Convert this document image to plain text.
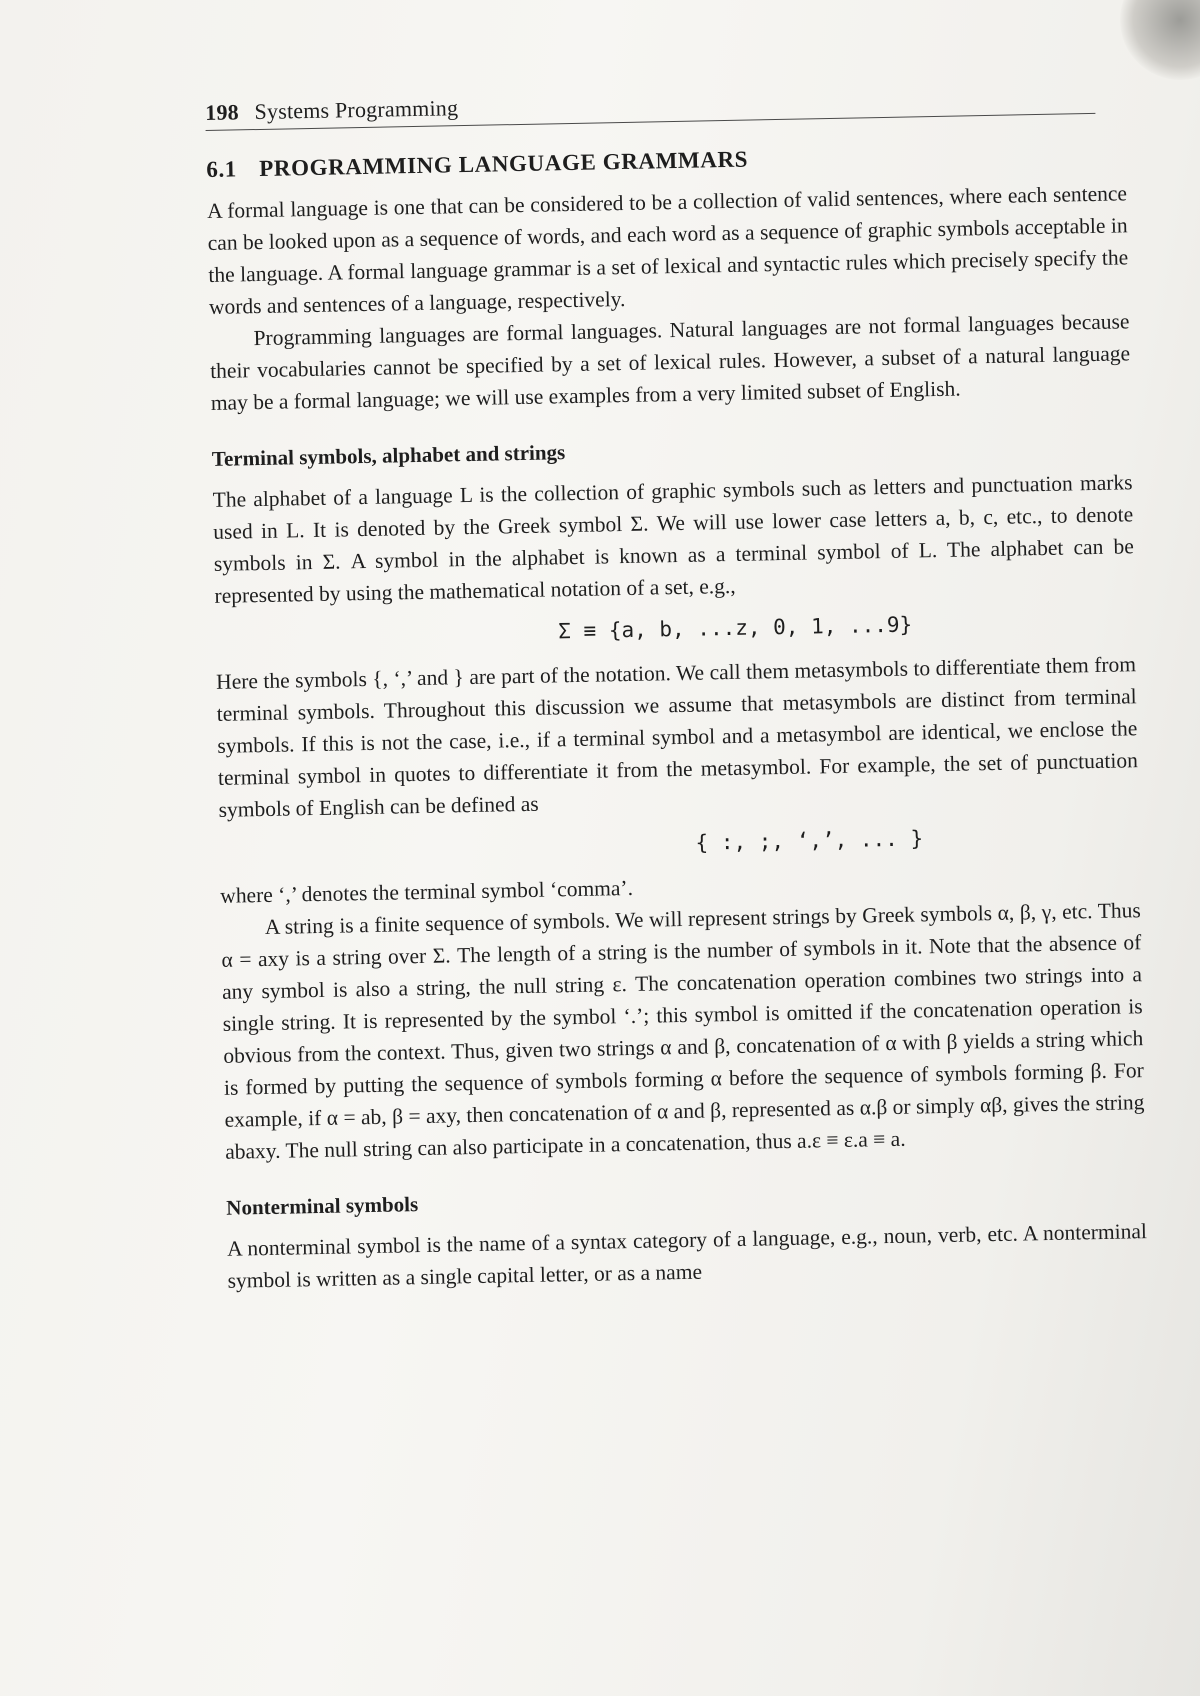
198 Systems Programming
6.1 PROGRAMMING LANGUAGE GRAMMARS

A formal language is one that can be considered to be a collection of valid sentences, where each sentence can be looked upon as a sequence of words, and each word as a sequence of graphic symbols acceptable in the language. A formal language grammar is a set of lexical and syntactic rules which precisely specify the words and sentences of a language, respectively.

Programming languages are formal languages. Natural languages are not formal languages because their vocabularies cannot be specified by a set of lexical rules. However, a subset of a natural language may be a formal language; we will use examples from a very limited subset of English.

Terminal symbols, alphabet and strings

The alphabet of a language L is the collection of graphic symbols such as letters and punctuation marks used in L. It is denoted by the Greek symbol Σ. We will use lower case letters a, b, c, etc., to denote symbols in Σ. A symbol in the alphabet is known as a terminal symbol of L. The alphabet can be represented by using the mathematical notation of a set, e.g.,

Σ ≡ {a, b, ...z, 0, 1, ...9}

Here the symbols {, ‘,’ and } are part of the notation. We call them metasymbols to differentiate them from terminal symbols. Throughout this discussion we assume that metasymbols are distinct from terminal symbols. If this is not the case, i.e., if a terminal symbol and a metasymbol are identical, we enclose the terminal symbol in quotes to differentiate it from the metasymbol. For example, the set of punctuation symbols of English can be defined as

{ :, ;, ‘,’, ... }

where ‘,’ denotes the terminal symbol ‘comma’.

A string is a finite sequence of symbols. We will represent strings by Greek symbols α, β, γ, etc. Thus α = axy is a string over Σ. The length of a string is the number of symbols in it. Note that the absence of any symbol is also a string, the null string ε. The concatenation operation combines two strings into a single string. It is represented by the symbol ‘.’; this symbol is omitted if the concatenation operation is obvious from the context. Thus, given two strings α and β, concatenation of α with β yields a string which is formed by putting the sequence of symbols forming α before the sequence of symbols forming β. For example, if α = ab, β = axy, then concatenation of α and β, represented as α.β or simply αβ, gives the string abaxy. The null string can also participate in a concatenation, thus a.ε ≡ ε.a ≡ a.

Nonterminal symbols

A nonterminal symbol is the name of a syntax category of a language, e.g., noun, verb, etc. A nonterminal symbol is written as a single capital letter, or as a name
